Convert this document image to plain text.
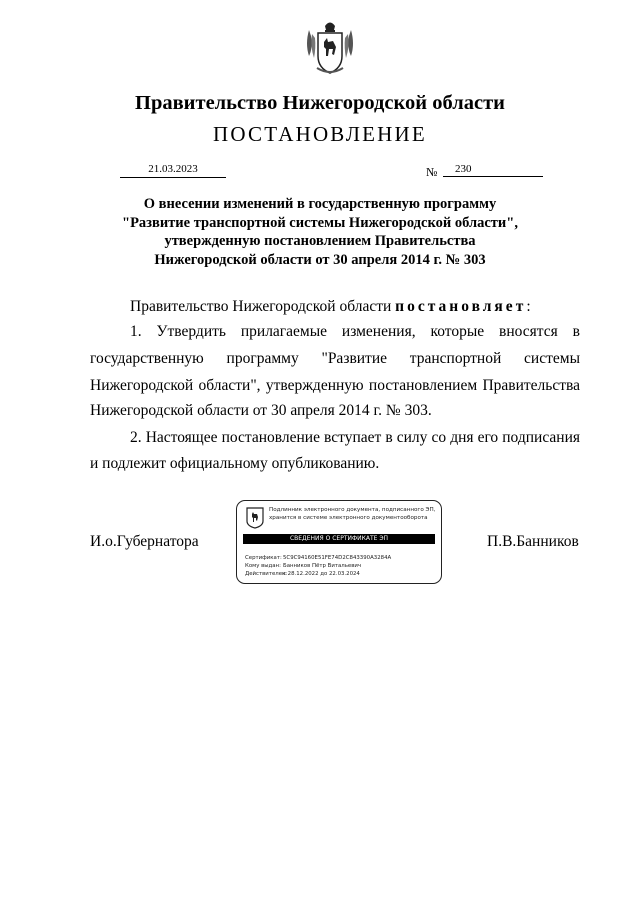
Правительство Нижегородской области
ПОСТАНОВЛЕНИЕ
21.03.2023	№	230
О внесении изменений в государственную программу
"Развитие транспортной системы Нижегородской области",
утвержденную постановлением Правительства
Нижегородской области от 30 апреля 2014 г. № 303
Правительство Нижегородской области постановляет:
1. Утвердить прилагаемые изменения, которые вносятся в
государственную программу "Развитие транспортной системы
Нижегородской области", утвержденную постановлением Правительства
Нижегородской области от 30 апреля 2014 г. № 303.
2. Настоящее постановление вступает в силу со дня его подписания
и подлежит официальному опубликованию.
И.о.Губернатора	П.В.Банников
Подлинник электронного документа, подписанного ЭП,
хранится в системе электронного документооборота
СВЕДЕНИЯ О СЕРТИФИКАТЕ ЭП
Сертификат:5C9C94160E51FE74D2C843390A3284A
Кому выдан: Банников Пётр Витальевич
Действителен:с 28.12.2022 до 22.03.2024
